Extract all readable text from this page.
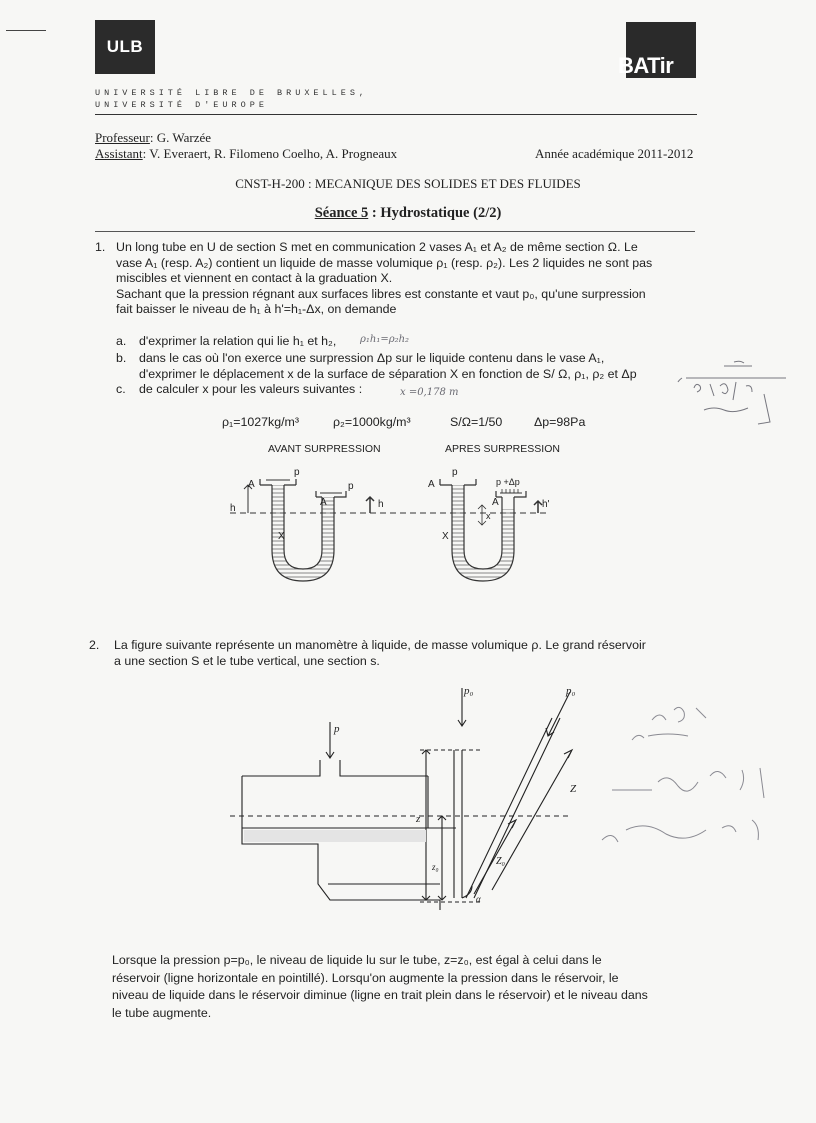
ULB
BATir
UNIVERSITÉ LIBRE DE BRUXELLES,
UNIVERSITÉ D'EUROPE
Professeur: G. Warzée
Assistant: V. Everaert, R. Filomeno Coelho, A. Progneaux	Année académique 2011-2012
CNST-H-200 : MECANIQUE DES SOLIDES ET DES FLUIDES
Séance 5 : Hydrostatique (2/2)
1. Un long tube en U de section S met en communication 2 vases A₁ et A₂ de même section Ω. Le
vase A₁ (resp. A₂) contient un liquide de masse volumique ρ₁ (resp. ρ₂). Les 2 liquides ne sont pas
miscibles et viennent en contact à la graduation X.
Sachant que la pression régnant aux surfaces libres est constante et vaut p₀, qu'une surpression
fait baisser le niveau de h₁ à h'=h₁-Δx, on demande
a. d'exprimer la relation qui lie h₁ et h₂, ρ₁h₁=ρ₂h₂
b. dans le cas où l'on exerce une surpression Δp sur le liquide contenu dans le vase A₁,
d'exprimer le déplacement x de la surface de séparation X en fonction de S/ Ω, ρ₁, ρ₂ et Δp
c. de calculer x pour les valeurs suivantes :	x =0,178 m
ρ₁=1027kg/m³	ρ₂=1000kg/m³	S/Ω=1/50	Δp=98Pa
AVANT SURPRESSION	APRES SURPRESSION
A
p
p
A
h	h
X
A
p
p +Δp
A
x
h'
X
2. La figure suivante représente un manomètre à liquide, de masse volumique ρ. Le grand réservoir
a une section S et le tube vertical, une section s.
p
p₀	p₀
z
z₀
Z
Z₀
α
Lorsque la pression p=p₀, le niveau de liquide lu sur le tube, z=z₀, est égal à celui dans le
réservoir (ligne horizontale en pointillé). Lorsqu'on augmente la pression dans le réservoir, le
niveau de liquide dans le réservoir diminue (ligne en trait plein dans le réservoir) et le niveau dans
le tube augmente.
